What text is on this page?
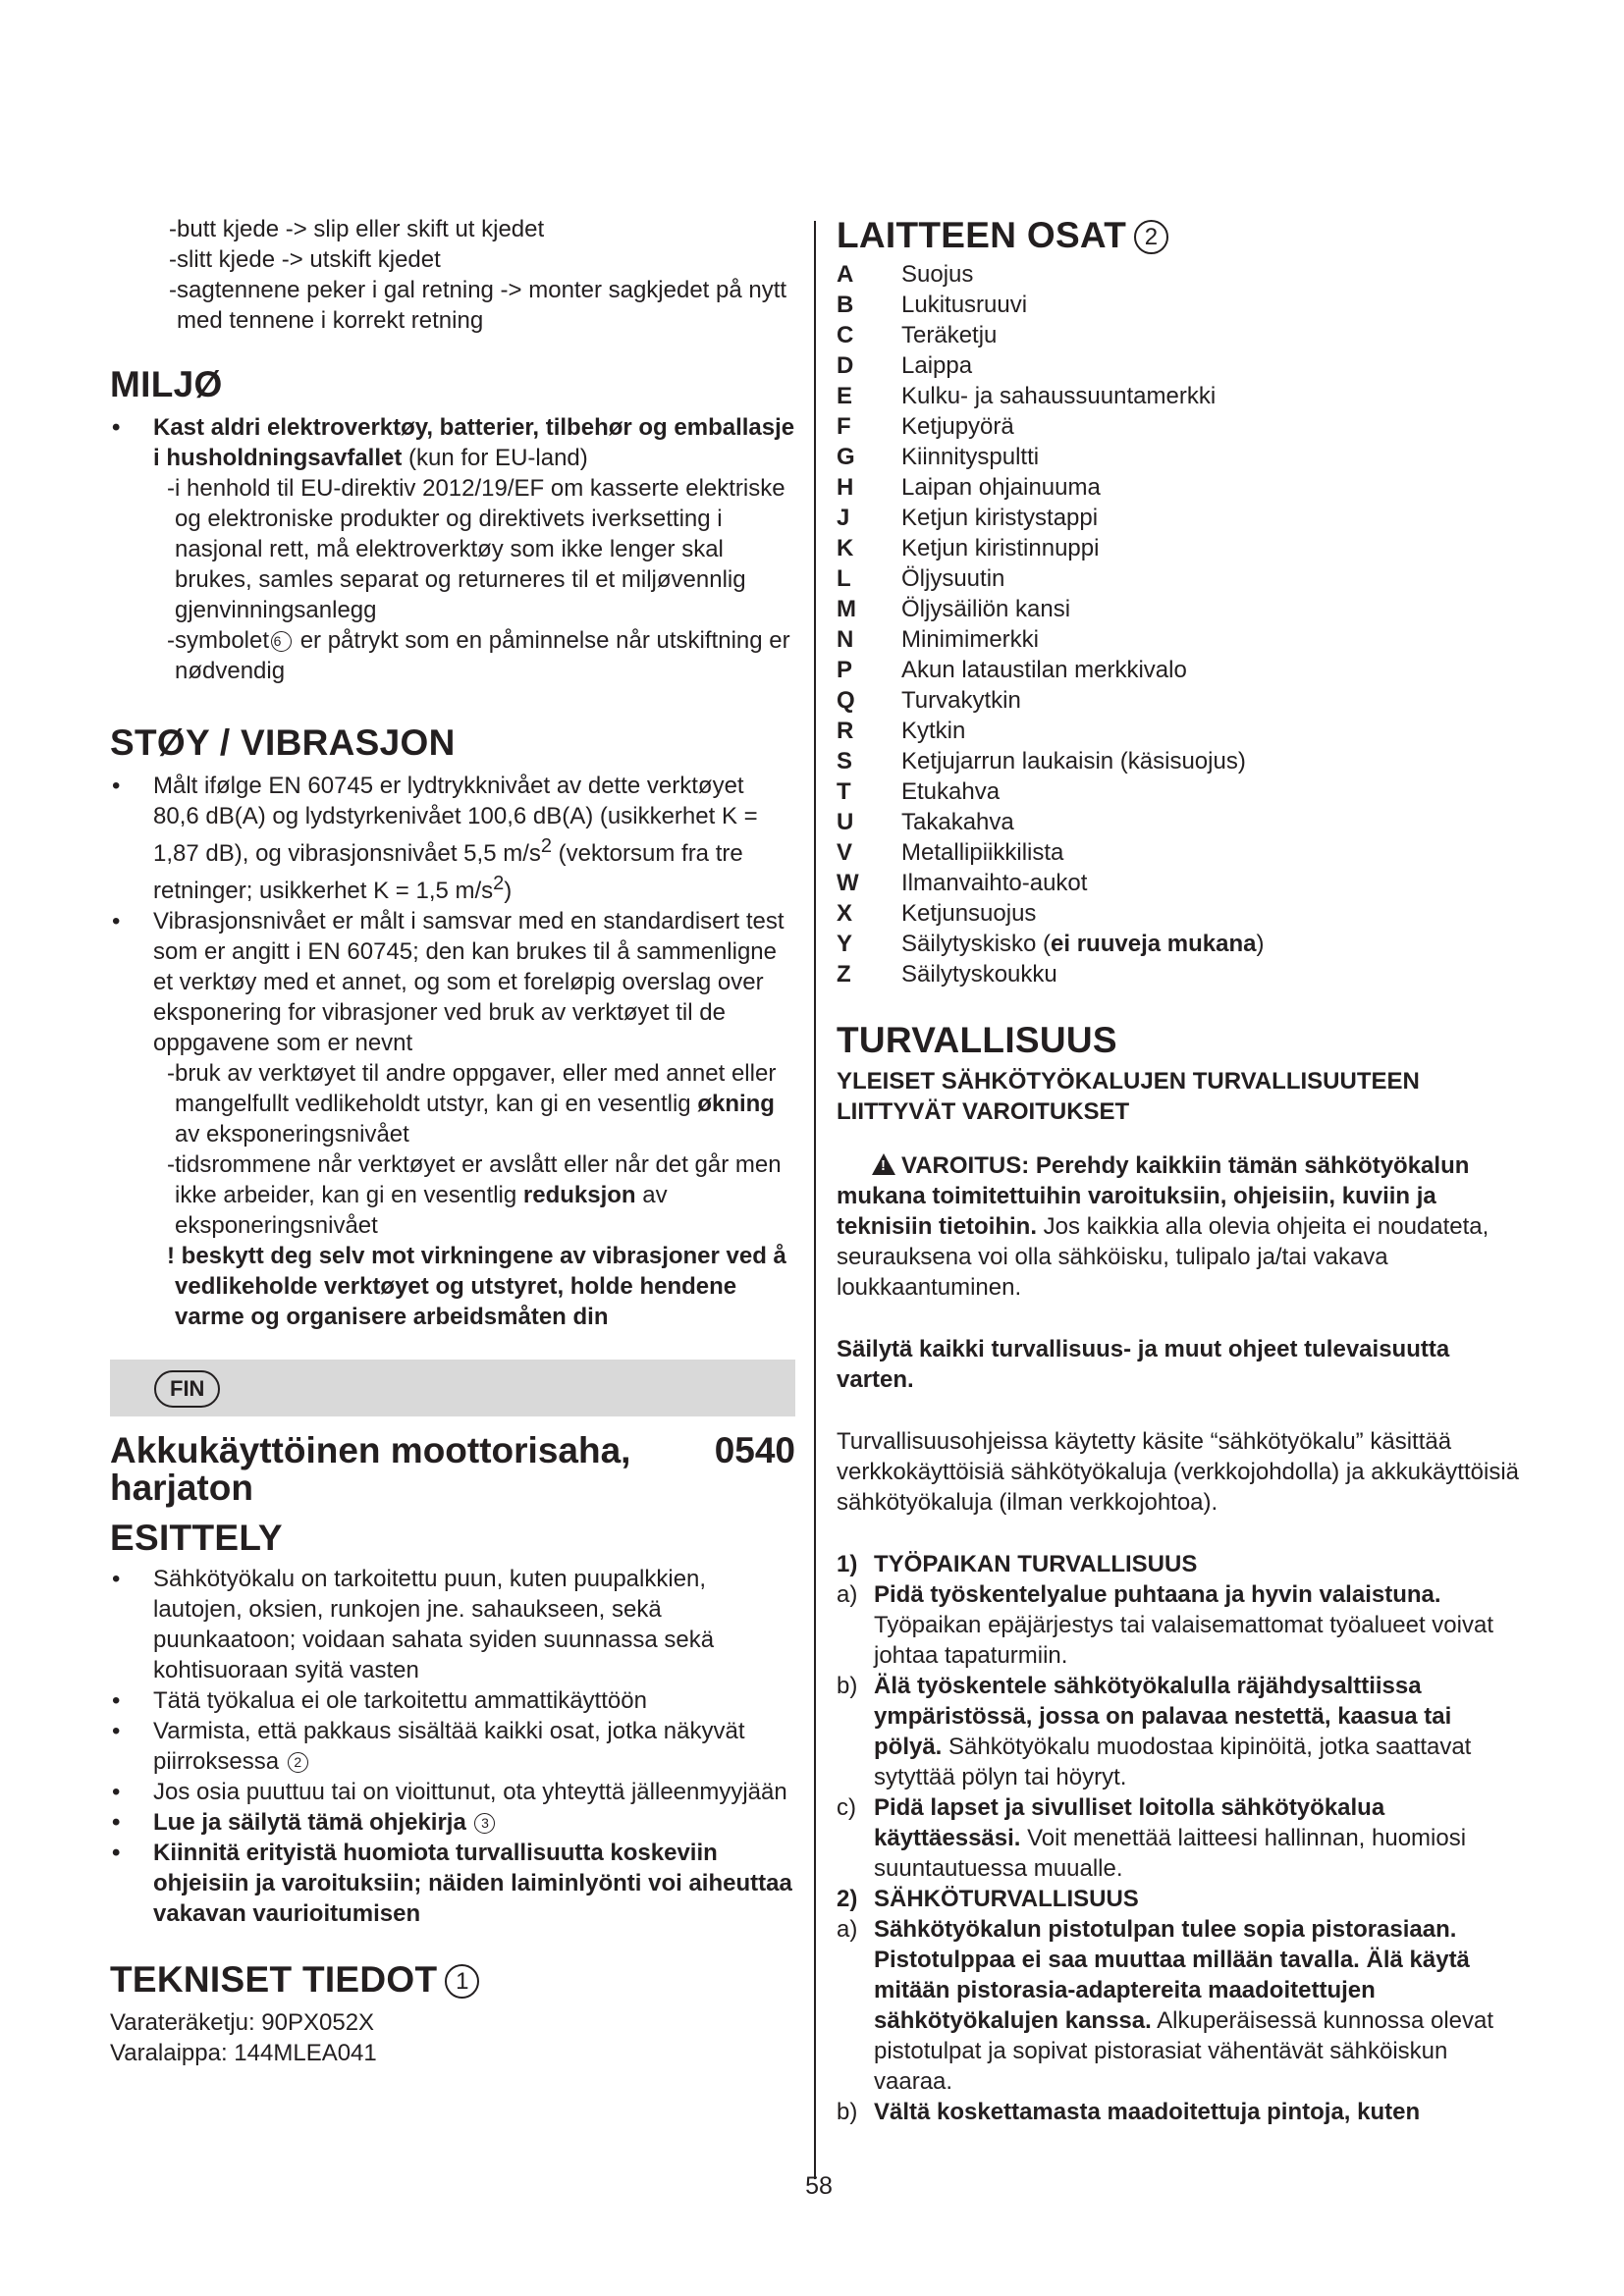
-butt kjede -> slip eller skift ut kjedet

-slitt kjede -> utskift kjedet

-sagtennene peker i gal retning -> monter sagkjedet på nytt med tennene i korrekt retning

MILJØ
• Kast aldri elektroverktøy, batterier, tilbehør og emballasje i husholdningsavfallet (kun for EU-land)

-i henhold til EU-direktiv 2012/19/EF om kasserte elektriske og elektroniske produkter og direktivets iverksetting i nasjonal rett, må elektroverktøy som ikke lenger skal brukes, samles separat og returneres til et miljøvennlig gjenvinningsanlegg

-symbolet 6 er påtrykt som en påminnelse når utskiftning er nødvendig

STØY / VIBRASJON
• Målt ifølge EN 60745 er lydtrykknivået av dette verktøyet 80,6 dB(A) og lydstyrkenivået 100,6 dB(A) (usikkerhet K = 1,87 dB), og vibrasjonsnivået 5,5 $m/s^2$ (vektorsum fra tre retninger; usikkerhet K = 1,5 $m/s^2$)
• Vibrasjonsnivået er målt i samsvar med en standardisert test som er angitt i EN 60745; den kan brukes til å sammenligne et verktøy med et annet, og som et foreløpig overslag over eksponering for vibrasjoner ved bruk av verktøyet til de oppgavene som er nevnt

-bruk av verktøyet til andre oppgaver, eller med annet eller mangelfullt vedlikeholdt utstyr, kan gi en vesentlig økning av eksponeringsnivået

-tidsrommene når verktøyet er avslått eller når det går men ikke arbeider, kan gi en vesentlig reduksjon av eksponeringsnivået

! beskytt deg selv mot virkningene av vibrasjoner ved å vedlikeholde verktøyet og utstyret, holde hendene varme og organisere arbeidsmåten din

FIN
Akkukäyttöinen moottorisaha, harjaton
0540
ESITTELY
• Sähkötyökalu on tarkoitettu puun, kuten puupalkkien, lautojen, oksien, runkojen jne. sahaukseen, sekä puunkaatoon; voidaan sahata syiden suunnassa sekä kohtisuoraan syitä vasten
• Tätä työkalua ei ole tarkoitettu ammattikäyttöön
• Varmista, että pakkaus sisältää kaikki osat, jotka näkyvät piirroksessa 2
• Jos osia puuttuu tai on vioittunut, ota yhteyttä jälleenmyyjään
• Lue ja säilytä tämä ohjekirja 3
• Kiinnitä erityistä huomiota turvallisuutta koskeviin ohjeisiin ja varoituksiin; näiden laiminlyönti voi aiheuttaa vakavan vaurioitumisen
TEKNISET TIEDOT 1

Varateräketju: 90PX052X

Varalaippa: 144MLEA041

LAITTEEN OSAT 2
A	Suojus
B	Lukitusruuvi
C	Teräketju
D	Laippa
E	Kulku- ja sahaussuuntamerkki
F	Ketjupyörä
G	Kiinnityspultti
H	Laipan ohjainuuma
J	Ketjun kiristystappi
K	Ketjun kiristinnuppi
L	Öljysuutin
M	Öljysäiliön kansi
N	Minimimerkki
P	Akun lataustilan merkkivalo
Q	Turvakytkin
R	Kytkin
S	Ketjujarrun laukaisin (käsisuojus)
T	Etukahva
U	Takakahva
V	Metallipiikkilista
W	Ilmanvaihto-aukot
X	Ketjunsuojus
Y	Säilytyskisko (ei ruuveja mukana)
Z	Säilytyskoukku
TURVALLISUUS

YLEISET SÄHKÖTYÖKALUJEN TURVALLISUUTEEN LIITTYVÄT VAROITUKSET

!VAROITUS: Perehdy kaikkiin tämän sähkötyökalun mukana toimitettuihin varoituksiin, ohjeisiin, kuviin ja teknisiin tietoihin. Jos kaikkia alla olevia ohjeita ei noudateta, seurauksena voi olla sähköisku, tulipalo ja/tai vakava loukkaantuminen.

Säilytä kaikki turvallisuus- ja muut ohjeet tulevaisuutta varten.

Turvallisuusohjeissa käytetty käsite “sähkötyökalu” käsittää verkkokäyttöisiä sähkötyökaluja (verkkojohdolla) ja akkukäyttöisiä sähkötyökaluja (ilman verkkojohtoa).

1) TYÖPAIKAN TURVALLISUUS
a) Pidä työskentelyalue puhtaana ja hyvin valaistuna.

Työpaikan epäjärjestys tai valaisemattomat työalueet voivat johtaa tapaturmiin.

b) Älä työskentele sähkötyökalulla räjähdysalttiissa ympäristössä, jossa on palavaa nestettä, kaasua tai pölyä. Sähkötyökalu muodostaa kipinöitä, jotka saattavat sytyttää pölyn tai höyryt.
c) Pidä lapset ja sivulliset loitolla sähkötyökalua käyttäessäsi. Voit menettää laitteesi hallinnan, huomiosi suuntautuessa muualle.
2) SÄHKÖTURVALLISUUS
a) Sähkötyökalun pistotulpan tulee sopia pistorasiaan. Pistotulppaa ei saa muuttaa millään tavalla. Älä käytä mitään pistorasia-adaptereita maadoitettujen sähkötyökalujen kanssa. Alkuperäisessä kunnossa olevat pistotulpat ja sopivat pistorasiat vähentävät sähköiskun vaaraa.
b) Vältä koskettamasta maadoitettuja pintoja, kuten
58
